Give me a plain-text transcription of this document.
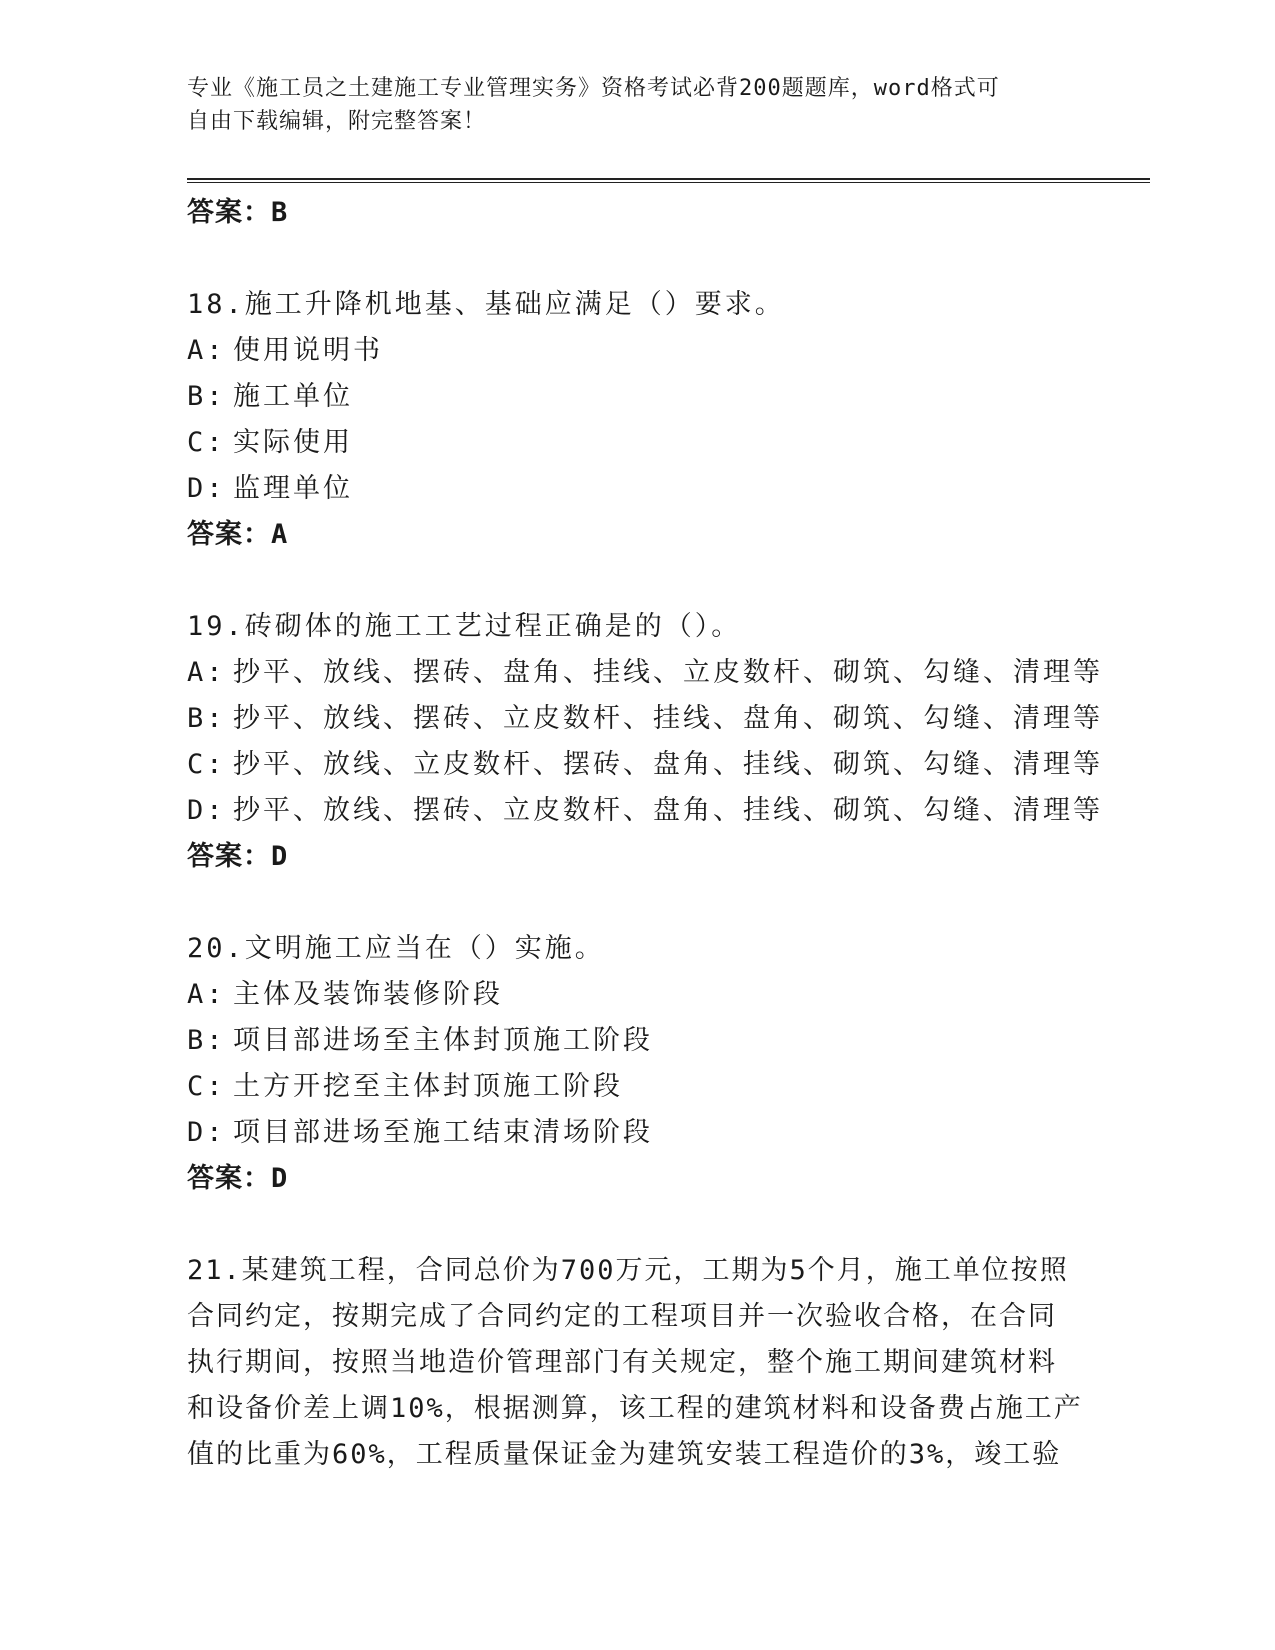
专业《施工员之土建施工专业管理实务》资格考试必背200题题库，word格式可
自由下载编辑，附完整答案！
答案：B
18.施工升降机地基、基础应满足（）要求。
A: 使用说明书
B: 施工单位
C: 实际使用
D: 监理单位
答案：A
19.砖砌体的施工工艺过程正确是的（）。
A: 抄平、放线、摆砖、盘角、挂线、立皮数杆、砌筑、勾缝、清理等
B: 抄平、放线、摆砖、立皮数杆、挂线、盘角、砌筑、勾缝、清理等
C: 抄平、放线、立皮数杆、摆砖、盘角、挂线、砌筑、勾缝、清理等
D: 抄平、放线、摆砖、立皮数杆、盘角、挂线、砌筑、勾缝、清理等
答案：D
20.文明施工应当在（）实施。
A: 主体及装饰装修阶段
B: 项目部进场至主体封顶施工阶段
C: 土方开挖至主体封顶施工阶段
D: 项目部进场至施工结束清场阶段
答案：D
21.某建筑工程，合同总价为700万元，工期为5个月，施工单位按照
合同约定，按期完成了合同约定的工程项目并一次验收合格，在合同
执行期间，按照当地造价管理部门有关规定，整个施工期间建筑材料
和设备价差上调10%，根据测算，该工程的建筑材料和设备费占施工产
值的比重为60%，工程质量保证金为建筑安装工程造价的3%，竣工验
